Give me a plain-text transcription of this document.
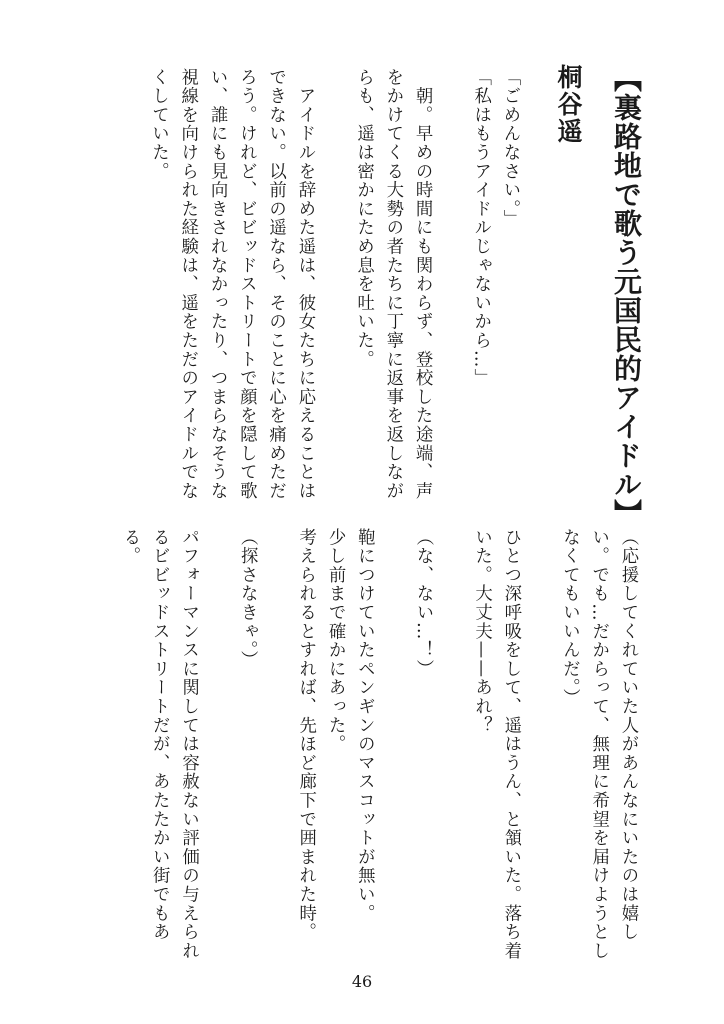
【裏路地で歌う元国民的アイドル】
桐谷遥
「ごめんなさい。」
「私はもうアイドルじゃないから…」

　朝。早めの時間にも関わらず、登校した途端、声
をかけてくる大勢の者たちに丁寧に返事を返しなが
らも、遥は密かにため息を吐いた。

　アイドルを辞めた遥は、彼女たちに応えることは
できない。以前の遥なら、そのことに心を痛めただ
ろう。けれど、ビビッドストリートで顔を隠して歌
い、誰にも見向きされなかったり、つまらなそうな
視線を向けられた経験は、遥をただのアイドルでな
くしていた。
（応援してくれていた人があんなにいたのは嬉し
い。でも…だからって、無理に希望を届けようとし
なくてもいいんだ。）

ひとつ深呼吸をして、遥はうん、と頷いた。落ち着
いた。大丈夫——あれ？

（な、ない…！）

鞄につけていたペンギンのマスコットが無い。
少し前まで確かにあった。
考えられるとすれば、先ほど廊下で囲まれた時。

（探さなきゃ。）

パフォーマンスに関しては容赦ない評価の与えられ
るビビッドストリートだが、あたたかい街でもあ
る。
46
